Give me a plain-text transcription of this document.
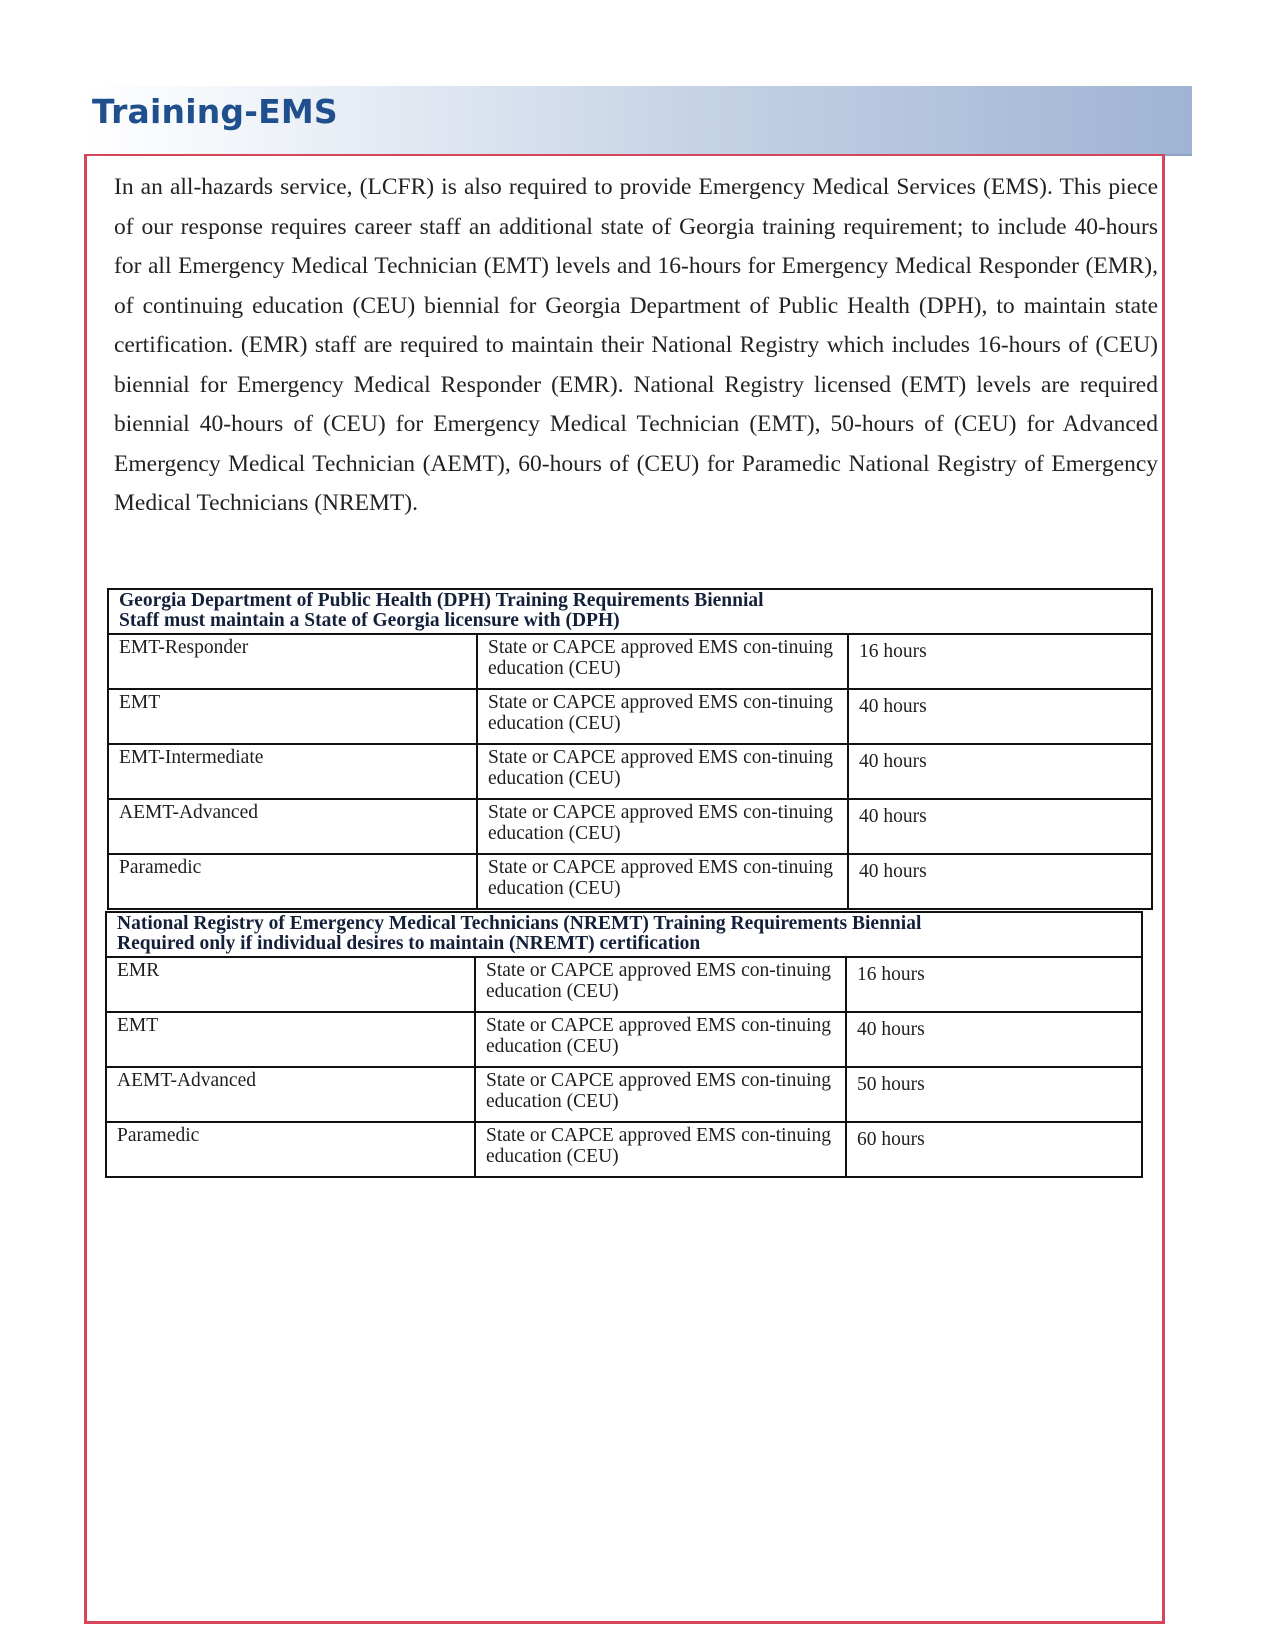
Training-EMS

In an all-hazards service, (LCFR) is also required to provide Emergency Medical Services (EMS). This piece of our response requires career staff an additional state of Georgia training requirement; to include 40-hours for all Emergency Medical Technician (EMT) levels and 16-hours for Emergency Medical Responder (EMR), of continuing education (CEU) biennial for Georgia Department of Public Health (DPH), to maintain state certification. (EMR) staff are required to maintain their National Registry which includes 16-hours of (CEU) biennial for Emergency Medical Responder (EMR). National Registry licensed (EMT) levels are required biennial 40-hours of (CEU) for Emergency Medical Technician (EMT), 50-hours of (CEU) for Advanced Emergency Medical Technician (AEMT), 60-hours of (CEU) for Paramedic National Registry of Emergency Medical Technicians (NREMT).

Georgia Department of Public Health (DPH) Training Requirements Biennial
Staff must maintain a State of Georgia licensure with (DPH)		

EMT-Responder	State or CAPCE approved EMS con-tinuing education (CEU)	16 hours
EMT	State or CAPCE approved EMS con-tinuing education (CEU)	40 hours
EMT-Intermediate	State or CAPCE approved EMS con-tinuing education (CEU)	40 hours
AEMT-Advanced	State or CAPCE approved EMS con-tinuing education (CEU)	40 hours
Paramedic	State or CAPCE approved EMS con-tinuing education (CEU)	40 hours
National Registry of Emergency Medical Technicians (NREMT) Training Requirements Biennial
Required only if individual desires to maintain (NREMT) certification		

EMR	State or CAPCE approved EMS con-tinuing education (CEU)	16 hours
EMT	State or CAPCE approved EMS con-tinuing education (CEU)	40 hours
AEMT-Advanced	State or CAPCE approved EMS con-tinuing education (CEU)	50 hours
Paramedic	State or CAPCE approved EMS con-tinuing education (CEU)	60 hours
